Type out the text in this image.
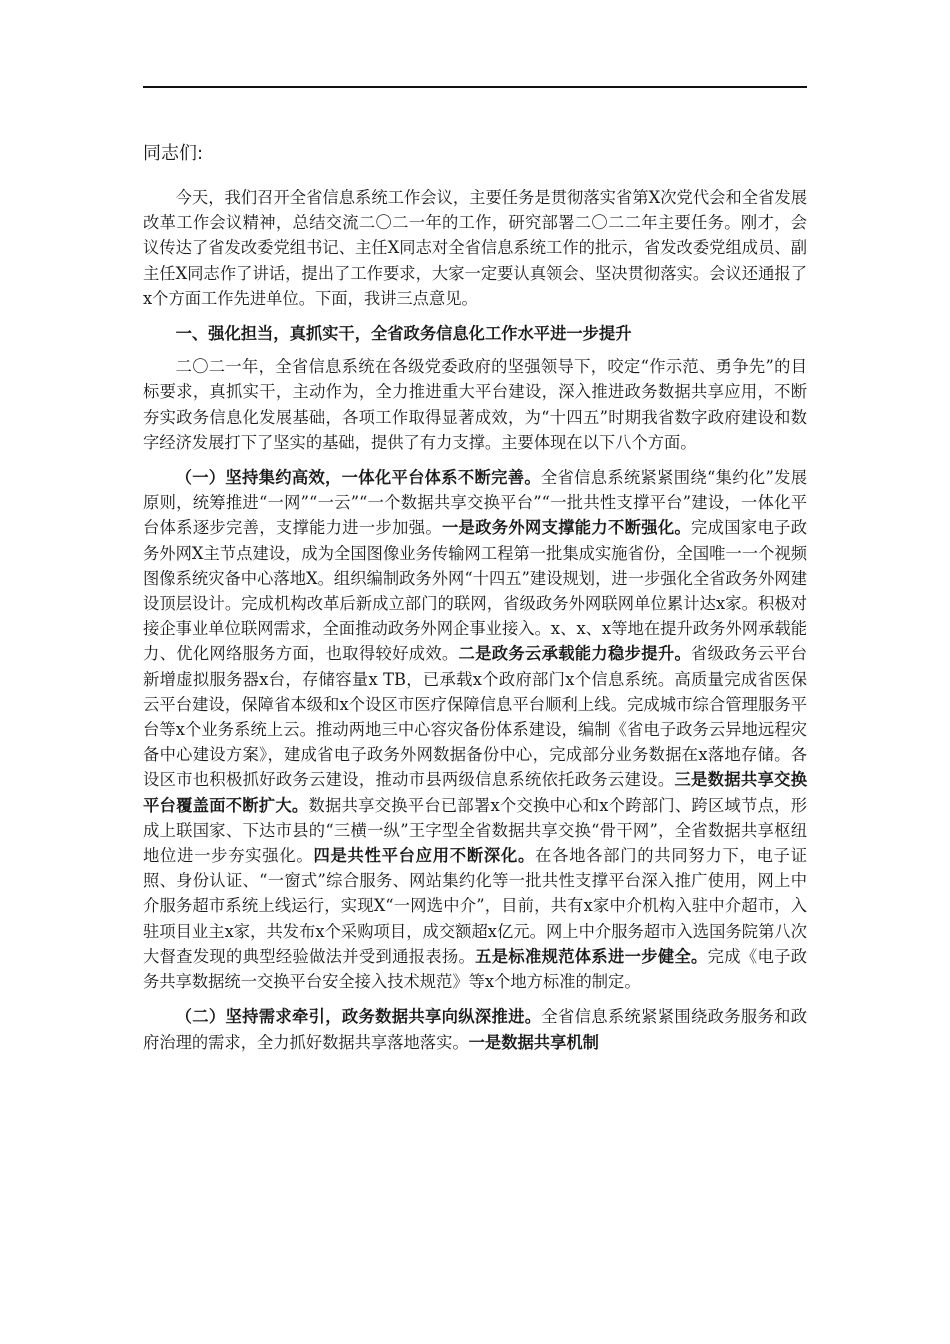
同志们:

今天，我们召开全省信息系统工作会议，主要任务是贯彻落实省第X次党代会和全省发展改革工作会议精神，总结交流二〇二一年的工作，研究部署二〇二二年主要任务。刚才，会议传达了省发改委党组书记、主任X同志对全省信息系统工作的批示，省发改委党组成员、副主任X同志作了讲话，提出了工作要求，大家一定要认真领会、坚决贯彻落实。会议还通报了x个方面工作先进单位。下面，我讲三点意见。

一、强化担当，真抓实干，全省政务信息化工作水平进一步提升

二〇二一年，全省信息系统在各级党委政府的坚强领导下，咬定“作示范、勇争先”的目标要求，真抓实干，主动作为，全力推进重大平台建设，深入推进政务数据共享应用，不断夯实政务信息化发展基础，各项工作取得显著成效，为“十四五”时期我省数字政府建设和数字经济发展打下了坚实的基础，提供了有力支撑。主要体现在以下八个方面。

（一）坚持集约高效，一体化平台体系不断完善。全省信息系统紧紧围绕“集约化”发展原则，统筹推进“一网”“一云”“一个数据共享交换平台”“一批共性支撑平台”建设，一体化平台体系逐步完善，支撑能力进一步加强。一是政务外网支撑能力不断强化。完成国家电子政务外网X主节点建设，成为全国图像业务传输网工程第一批集成实施省份，全国唯一一个视频图像系统灾备中心落地X。组织编制政务外网“十四五”建设规划，进一步强化全省政务外网建设顶层设计。完成机构改革后新成立部门的联网，省级政务外网联网单位累计达x家。积极对接企事业单位联网需求，全面推动政务外网企事业接入。x、x、x等地在提升政务外网承载能力、优化网络服务方面，也取得较好成效。二是政务云承载能力稳步提升。省级政务云平台新增虚拟服务器x台，存储容量x TB，已承载x个政府部门x个信息系统。高质量完成省医保云平台建设，保障省本级和x个设区市医疗保障信息平台顺利上线。完成城市综合管理服务平台等x个业务系统上云。推动两地三中心容灾备份体系建设，编制《省电子政务云异地远程灾备中心建设方案》，建成省电子政务外网数据备份中心，完成部分业务数据在x落地存储。各设区市也积极抓好政务云建设，推动市县两级信息系统依托政务云建设。三是数据共享交换平台覆盖面不断扩大。数据共享交换平台已部署x个交换中心和x个跨部门、跨区域节点，形成上联国家、下达市县的“三横一纵”王字型全省数据共享交换“骨干网”，全省数据共享枢纽地位进一步夯实强化。四是共性平台应用不断深化。在各地各部门的共同努力下，电子证照、身份认证、“一窗式”综合服务、网站集约化等一批共性支撑平台深入推广使用，网上中介服务超市系统上线运行，实现X“一网选中介”，目前，共有x家中介机构入驻中介超市，入驻项目业主x家，共发布x个采购项目，成交额超x亿元。网上中介服务超市入选国务院第八次大督查发现的典型经验做法并受到通报表扬。五是标准规范体系进一步健全。完成《电子政务共享数据统一交换平台安全接入技术规范》等x个地方标准的制定。

（二）坚持需求牵引，政务数据共享向纵深推进。全省信息系统紧紧围绕政务服务和政府治理的需求，全力抓好数据共享落地落实。一是数据共享机制
